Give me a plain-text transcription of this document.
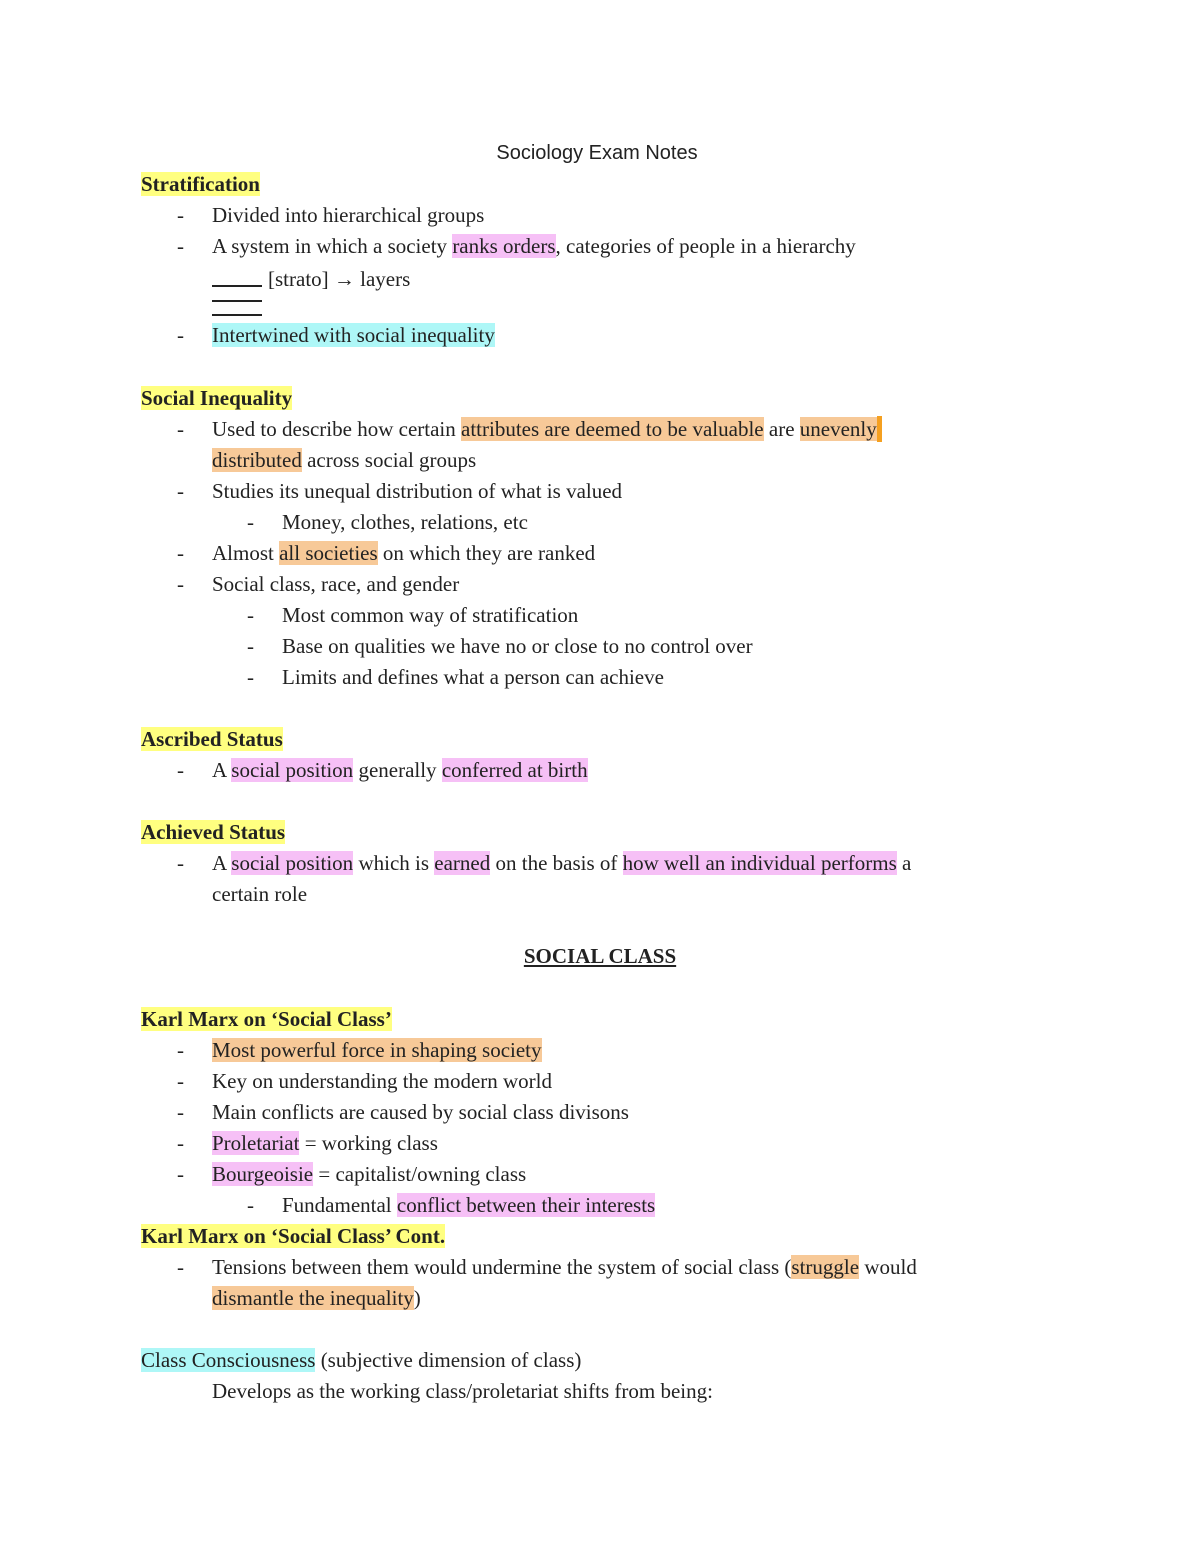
Sociology Exam Notes
Stratification
- Divided into hierarchical groups
- A system in which a society ranks orders, categories of people in a hierarchy
[strato] → layers
- Intertwined with social inequality
Social Inequality
- Used to describe how certain attributes are deemed to be valuable are unevenly
distributed across social groups
- Studies its unequal distribution of what is valued
- Money, clothes, relations, etc
- Almost all societies on which they are ranked
- Social class, race, and gender
- Most common way of stratification
- Base on qualities we have no or close to no control over
- Limits and defines what a person can achieve
Ascribed Status
- A social position generally conferred at birth
Achieved Status
- A social position which is earned on the basis of how well an individual performs a
certain role
SOCIAL CLASS
Karl Marx on ‘Social Class’
- Most powerful force in shaping society
- Key on understanding the modern world
- Main conflicts are caused by social class divisons
- Proletariat = working class
- Bourgeoisie = capitalist/owning class
- Fundamental conflict between their interests
Karl Marx on ‘Social Class’ Cont.
- Tensions between them would undermine the system of social class (struggle would
dismantle the inequality)
Class Consciousness (subjective dimension of class)
Develops as the working class/proletariat shifts from being:
